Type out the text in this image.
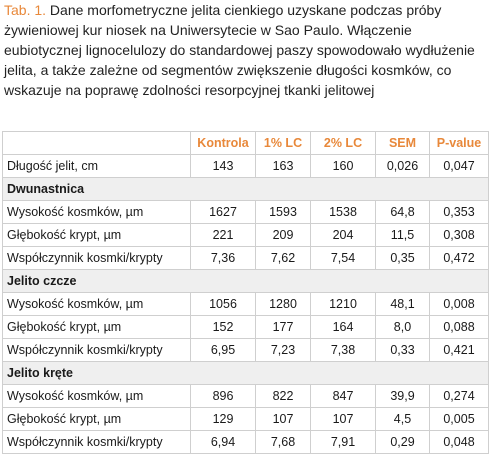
Tab. 1. Dane morfometryczne jelita cienkiego uzyskane podczas próby żywieniowej kur niosek na Uniwersytecie w Sao Paulo. Włączenie eubiotycznej lignocelulozy do standardowej paszy spowodowało wydłużenie jelita, a także zależne od segmentów zwiększenie długości kosmków, co wskazuje na poprawę zdolności resorpcyjnej tkanki jelitowej
	Kontrola	1% LC	2% LC	SEM	P-value
Długość jelit, cm	143	163	160	0,026	0,047
Dwunastnica					
Wysokość kosmków, µm	1627	1593	1538	64,8	0,353
Głębokość krypt, µm	221	209	204	11,5	0,308
Współczynnik kosmki/krypty	7,36	7,62	7,54	0,35	0,472
Jelito czcze					
Wysokość kosmków, µm	1056	1280	1210	48,1	0,008
Głębokość krypt, µm	152	177	164	8,0	0,088
Współczynnik kosmki/krypty	6,95	7,23	7,38	0,33	0,421
Jelito kręte					
Wysokość kosmków, µm	896	822	847	39,9	0,274
Głębokość krypt, µm	129	107	107	4,5	0,005
Współczynnik kosmki/krypty	6,94	7,68	7,91	0,29	0,048
